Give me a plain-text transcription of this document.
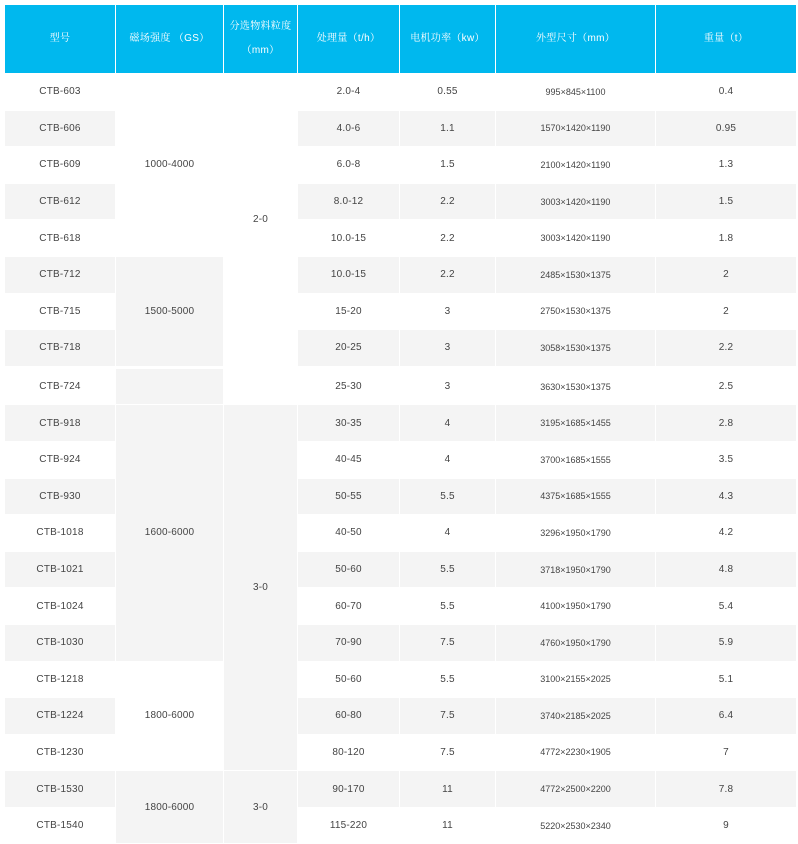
型号	磁场强度 （GS）	分选物料粒度（mm）	处理量（t/h）	电机功率（kw）	外型尺寸（mm）	重量（t）
CTB-603	1000-4000	2-0	2.0-4	0.55	995×845×1100	0.4
CTB-606			4.0-6	1.1	1570×1420×1190	0.95
CTB-609			6.0-8	1.5	2100×1420×1190	1.3
CTB-612			8.0-12	2.2	3003×1420×1190	1.5
CTB-618			10.0-15	2.2	3003×1420×1190	1.8
CTB-712	1500-5000		10.0-15	2.2	2485×1530×1375	2
CTB-715			15-20	3	2750×1530×1375	2
CTB-718			20-25	3	3058×1530×1375	2.2
CTB-724			25-30	3	3630×1530×1375	2.5
CTB-918	1600-6000	3-0	30-35	4	3195×1685×1455	2.8
CTB-924			40-45	4	3700×1685×1555	3.5
CTB-930			50-55	5.5	4375×1685×1555	4.3
CTB-1018			40-50	4	3296×1950×1790	4.2
CTB-1021			50-60	5.5	3718×1950×1790	4.8
CTB-1024			60-70	5.5	4100×1950×1790	5.4
CTB-1030			70-90	7.5	4760×1950×1790	5.9
CTB-1218	1800-6000		50-60	5.5	3100×2155×2025	5.1
CTB-1224			60-80	7.5	3740×2185×2025	6.4
CTB-1230			80-120	7.5	4772×2230×1905	7
CTB-1530	1800-6000	3-0	90-170	11	4772×2500×2200	7.8
CTB-1540			115-220	11	5220×2530×2340	9
